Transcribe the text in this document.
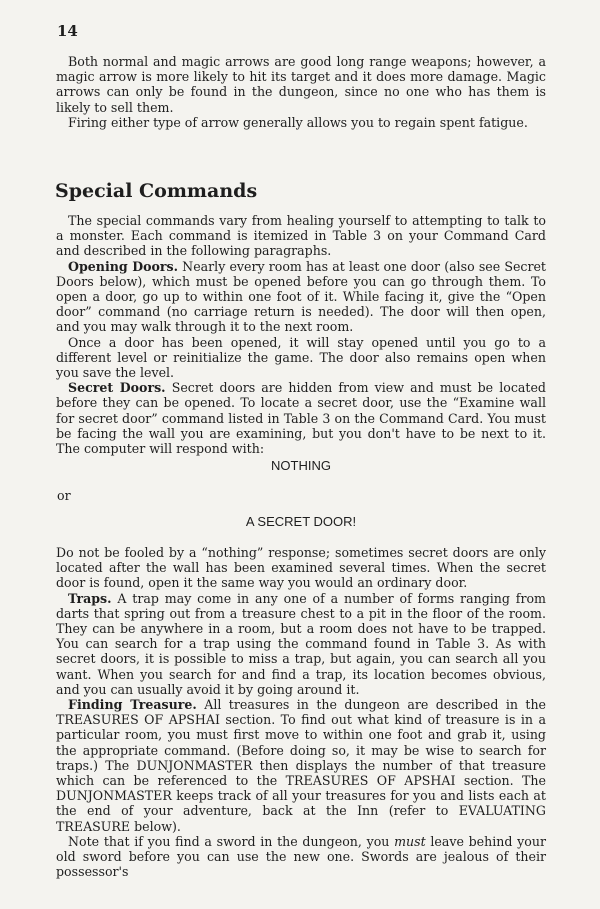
14

Both normal and magic arrows are good long range weapons; however, a magic arrow is more likely to hit its target and it does more damage. Magic arrows can only be found in the dungeon, since no one who has them is likely to sell them.

Firing either type of arrow generally allows you to regain spent fatigue.

Special Commands

The special commands vary from healing yourself to attempting to talk to a monster. Each command is itemized in Table 3 on your Command Card and described in the following paragraphs.

Opening Doors. Nearly every room has at least one door (also see Secret Doors below), which must be opened before you can go through them. To open a door, go up to within one foot of it. While facing it, give the “Open door” command (no carriage return is needed). The door will then open, and you may walk through it to the next room.

Once a door has been opened, it will stay opened until you go to a different level or reinitialize the game. The door also remains open when you save the level.

Secret Doors. Secret doors are hidden from view and must be located before they can be opened. To locate a secret door, use the “Examine wall for secret door” command listed in Table 3 on the Command Card. You must be facing the wall you are examining, but you don't have to be next to it. The computer will respond with:

NOTHING
or
A SECRET DOOR!

Do not be fooled by a “nothing” response; sometimes secret doors are only located after the wall has been examined several times. When the secret door is found, open it the same way you would an ordinary door.

Traps. A trap may come in any one of a number of forms ranging from darts that spring out from a treasure chest to a pit in the floor of the room. They can be anywhere in a room, but a room does not have to be trapped. You can search for a trap using the command found in Table 3. As with secret doors, it is possible to miss a trap, but again, you can search all you want. When you search for and find a trap, its location becomes obvious, and you can usually avoid it by going around it.

Finding Treasure. All treasures in the dungeon are described in the TREASURES OF APSHAI section. To find out what kind of treasure is in a particular room, you must first move to within one foot and grab it, using the appropriate command. (Before doing so, it may be wise to search for traps.) The DUNJONMASTER then displays the number of that treasure which can be referenced to the TREASURES OF APSHAI section. The DUNJONMASTER keeps track of all your treasures for you and lists each at the end of your adventure, back at the Inn (refer to EVALUATING TREASURE below).

Note that if you find a sword in the dungeon, you must leave behind your old sword before you can use the new one. Swords are jealous of their possessor's
